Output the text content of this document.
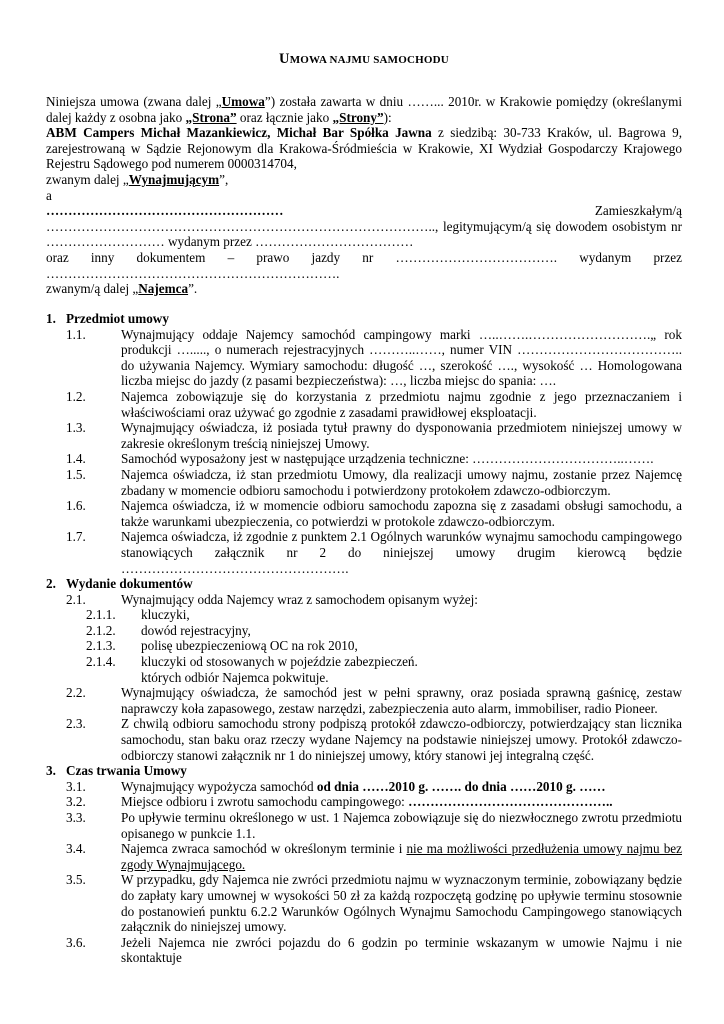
UMOWA NAJMU SAMOCHODU

Niniejsza umowa (zwana dalej „Umowa”) została zawarta w dniu ……... 2010r. w Krakowie pomiędzy (określanymi

dalej każdy z osobna jako „Strona” oraz łącznie jako „Strony”):

ABM Campers Michał Mazankiewicz, Michał Bar Spółka Jawna z siedzibą: 30-733 Kraków, ul. Bagrowa 9,

zarejestrowaną w Sądzie Rejonowym dla Krakowa-Śródmieścia w Krakowie, XI Wydział Gospodarczy Krajowego

Rejestru Sądowego pod numerem 0000314704,

zwanym dalej „Wynajmującym”,

a

………………………………………………	Zamieszkałym/ą

…………………………………………………………………………….., legitymującym/ą się dowodem osobistym nr

……………………… wydanym przez ………………………………

oraz inny dokumentem – prawo jazdy nr ………………………………. wydanym przez

………………………………………………………….

zwanym/ą dalej „Najemca”.

1. Przedmiot umowy
1.1.	Wynajmujący oddaje Najemcy samochód campingowy marki …..…….……………………….„ rok produkcji …....., o numerach rejestracyjnych ………..……, numer VIN ……………………………….. do używania Najemcy. Wymiary samochodu: długość …, szerokość …., wysokość … Homologowana liczba miejsc do jazdy (z pasami bezpieczeństwa): …, liczba miejsc do spania: ….
1.2.	Najemca zobowiązuje się do korzystania z przedmiotu najmu zgodnie z jego przeznaczaniem i właściwościami oraz używać go zgodnie z zasadami prawidłowej eksploatacji.
1.3.	Wynajmujący oświadcza, iż posiada tytuł prawny do dysponowania przedmiotem niniejszej umowy w zakresie określonym treścią niniejszej Umowy.
1.4.	Samochód wyposażony jest w następujące urządzenia techniczne: ……………………………..…….
1.5.	Najemca oświadcza, iż stan przedmiotu Umowy, dla realizacji umowy najmu, zostanie przez Najemcę zbadany w momencie odbioru samochodu i potwierdzony protokołem zdawczo-odbiorczym.
1.6.	Najemca oświadcza, iż w momencie odbioru samochodu zapozna się z zasadami obsługi samochodu, a także warunkami ubezpieczenia, co potwierdzi w protokole zdawczo-odbiorczym.
1.7.	Najemca oświadcza, iż zgodnie z punktem 2.1 Ogólnych warunków wynajmu samochodu campingowego stanowiących załącznik nr 2 do niniejszej umowy drugim kierowcą będzie …………………………………………….
2. Wydanie dokumentów
2.1.	Wynajmujący odda Najemcy wraz z samochodem opisanym wyżej:
2.1.1. kluczyki,
2.1.2. dowód rejestracyjny,
2.1.3. polisę ubezpieczeniową OC na rok 2010,
2.1.4. kluczyki od stosowanych w pojeździe zabezpieczeń.
których odbiór Najemca pokwituje.
2.2.	Wynajmujący oświadcza, że samochód jest w pełni sprawny, oraz posiada sprawną gaśnicę, zestaw naprawczy koła zapasowego, zestaw narzędzi, zabezpieczenia auto alarm, immobiliser, radio Pioneer.
2.3.	Z chwilą odbioru samochodu strony podpiszą protokół zdawczo-odbiorczy, potwierdzający stan licznika samochodu, stan baku oraz rzeczy wydane Najemcy na podstawie niniejszej umowy. Protokół zdawczo-odbiorczy stanowi załącznik nr 1 do niniejszej umowy, który stanowi jej integralną część.
3. Czas trwania Umowy
3.1.	Wynajmujący wypożycza samochód od dnia ……2010 g. ……. do dnia ……2010 g. ……
3.2.	Miejsce odbioru i zwrotu samochodu campingowego: ………………………………………..
3.3.	Po upływie terminu określonego w ust. 1 Najemca zobowiązuje się do niezwłocznego zwrotu przedmiotu opisanego w punkcie 1.1.
3.4.	Najemca zwraca samochód w określonym terminie i nie ma możliwości przedłużenia umowy najmu bez zgody Wynajmującego.
3.5.	W przypadku, gdy Najemca nie zwróci przedmiotu najmu w wyznaczonym terminie, zobowiązany będzie do zapłaty kary umownej w wysokości 50 zł za każdą rozpoczętą godzinę po upływie terminu stosownie do postanowień punktu 6.2.2 Warunków Ogólnych Wynajmu Samochodu Campingowego stanowiących załącznik do niniejszej umowy.
3.6.	Jeżeli Najemca nie zwróci pojazdu do 6 godzin po terminie wskazanym w umowie Najmu i nie skontaktuje
